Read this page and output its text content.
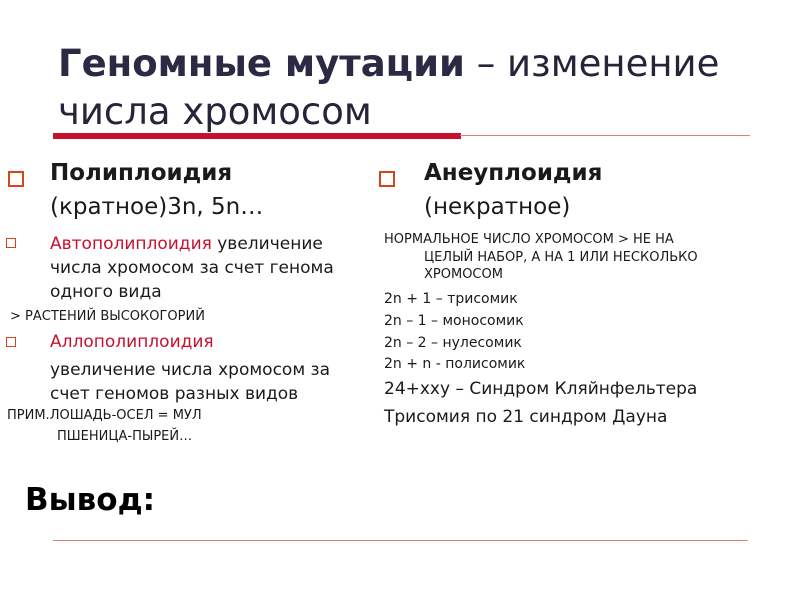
Геномные мутации – изменение
числа хромосом
Полиплоидия
(кратное)3n, 5n…
Автополиплоидия увеличение
числа хромосом за счет генома
одного вида
> РАСТЕНИЙ ВЫСОКОГОРИЙ
Аллополиплоидия
увеличение числа хромосом за
счет геномов разных видов
ПРИМ.ЛОШАДЬ-ОСЕЛ = МУЛ
ПШЕНИЦА-ПЫРЕЙ…
Анеуплоидия
(некратное)
НОРМАЛЬНОЕ ЧИСЛО ХРОМОСОМ > НЕ НА
ЦЕЛЫЙ НАБОР, А НА 1 ИЛИ НЕСКОЛЬКО
ХРОМОСОМ
2n + 1 – трисомик
2n – 1 – моносомик
2n – 2 – нулесомик
2n + n - полисомик
24+xxy – Синдром Кляйнфельтера
Трисомия по 21 синдром Дауна
Вывод:
